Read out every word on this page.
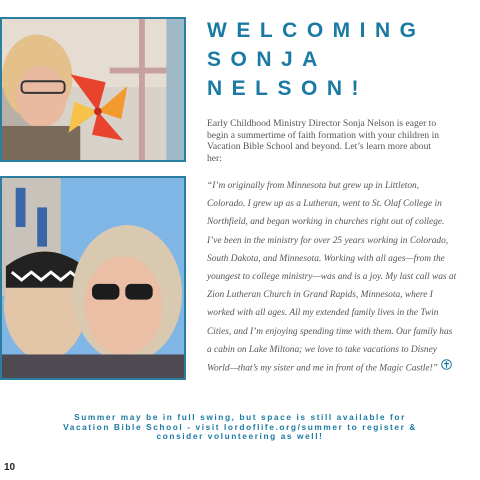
WELCOMING
SONJA
NELSON!

Early Childhood Ministry Director Sonja Nelson is eager to begin a summertime of faith formation with your children in Vacation Bible School and beyond. Let’s learn more about her:

“I’m originally from Minnesota but grew up in Littleton, Colorado. I grew up as a Lutheran, went to St. Olaf College in Northfield, and began working in churches right out of college. I’ve been in the ministry for over 25 years working in Colorado, South Dakota, and Minnesota. Working with all ages—from the youngest to college ministry—was and is a joy. My last call was at Zion Lutheran Church in Grand Rapids, Minnesota, where I worked with all ages. All my extended family lives in the Twin Cities, and I’m enjoying spending time with them. Our family has a cabin on Lake Miltona; we love to take vacations to Disney World—that’s my sister and me in front of the Magic Castle!”

Summer may be in full swing, but space is still available for
Vacation Bible School - visit lordoflife.org/summer to register &
consider volunteering as well!
10
